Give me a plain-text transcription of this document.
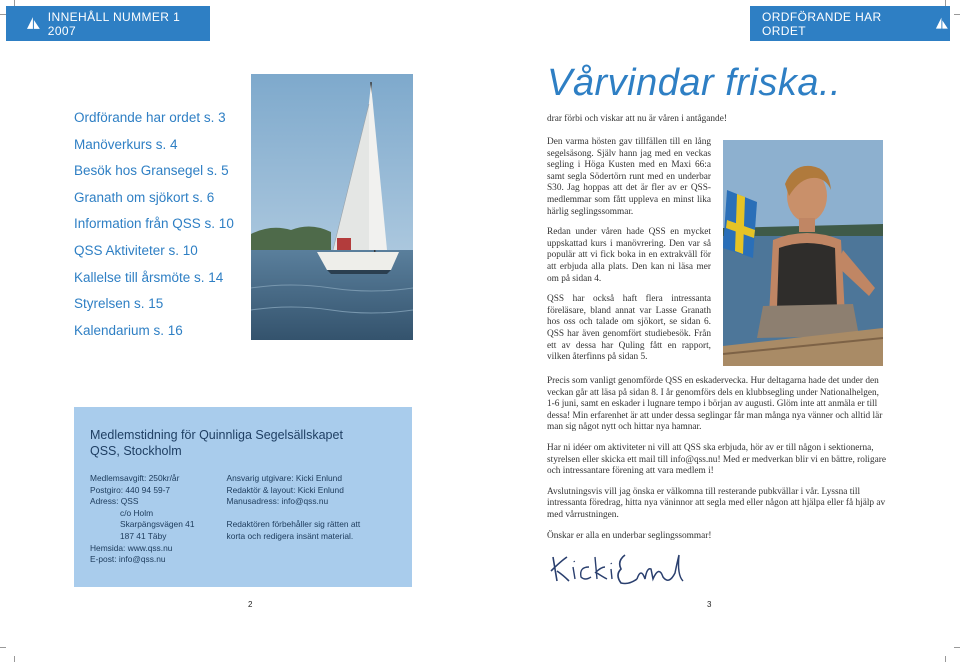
INNEHÅLL NUMMER 1 2007
ORDFÖRANDE HAR ORDET
Ordförande har ordet s. 3
Manöverkurs s. 4
Besök hos Gransegel s. 5
Granath om sjökort s. 6
Information från QSS s. 10
QSS Aktiviteter s. 10
Kallelse till årsmöte s. 14
Styrelsen s. 15
Kalendarium s. 16
Medlemstidning för Quinnliga Segelsällskapet
QSS, Stockholm
Medlemsavgift: 250kr/år
Postgiro: 440 94 59-7
Adress: QSS
c/o Holm
Skarpängsvägen 41
187 41 Täby
Hemsida: www.qss.nu
E-post: info@qss.nu
Ansvarig utgivare: Kicki Enlund
Redaktör & layout: Kicki Enlund
Manusadress: info@qss.nu
Redaktören förbehåller sig rätten att
korta och redigera insänt material.
2	3
Vårvindar friska..
drar förbi och viskar att nu är våren i antågande!

Den varma hösten gav tillfällen till en lång segelsäsong. Själv hann jag med en veckas segling i Höga Kusten med en Maxi 66:a samt segla Södertörn runt med en underbar S30. Jag hoppas att det är fler av er QSS-medlemmar som fått uppleva en minst lika härlig seglingssommar.

Redan under våren hade QSS en mycket uppskattad kurs i manövrering. Den var så populär att vi fick boka in en extrakväll för att erbjuda alla plats. Den kan ni läsa mer om på sidan 4.

QSS har också haft flera intressanta föreläsare, bland annat var Lasse Granath hos oss och talade om sjökort, se sidan 6. QSS har även genomfört studiebesök. Från ett av dessa har Quling fått en rapport, vilken återfinns på sidan 5.

Precis som vanligt genomförde QSS en eskadervecka. Hur deltagarna hade det under den veckan går att läsa på sidan 8. I år genomförs dels en klubbsegling under Nationalhelgen, 1-6 juni, samt en eskader i lugnare tempo i början av augusti. Glöm inte att anmäla er till dessa! Min erfarenhet är att under dessa seglingar får man många nya vänner och alltid lär man sig något nytt och hittar nya hamnar.

Har ni idéer om aktiviteter ni vill att QSS ska erbjuda, hör av er till någon i sektionerna, styrelsen eller skicka ett mail till info@qss.nu! Med er medverkan blir vi en bättre, roligare och intressantare förening att vara medlem i!

Avslutningsvis vill jag önska er välkomna till resterande pubkvällar i vår. Lyssna till intressanta föredrag, hitta nya väninnor att segla med eller någon att hjälpa eller få hjälp av med vårrustningen.

Önskar er alla en underbar seglingssommar!
